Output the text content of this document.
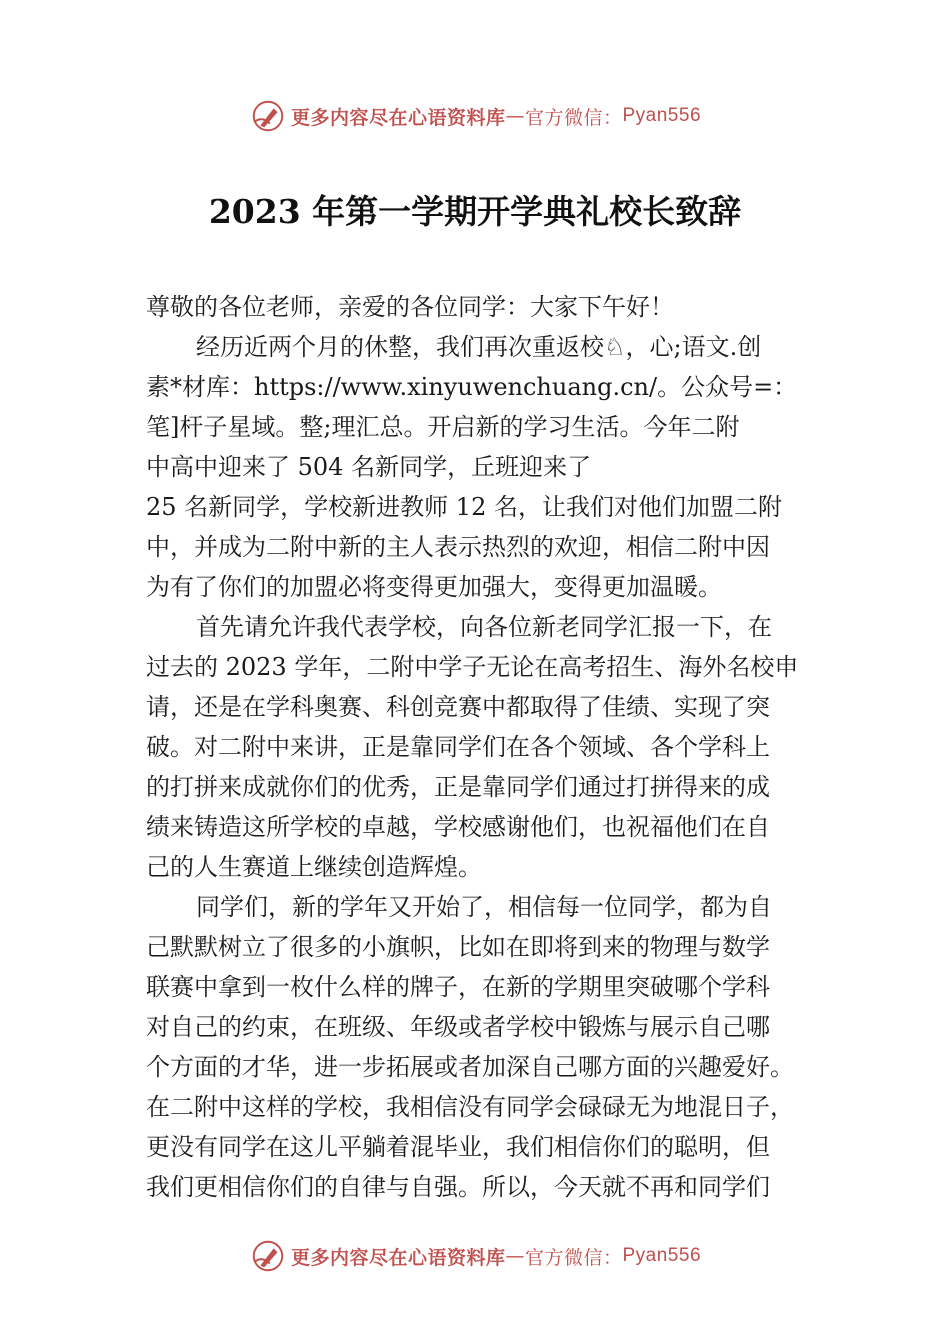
更多内容尽在心语资料库 — 官方微信： Pyan556
2023 年第一学期开学典礼校长致辞
尊敬的各位老师，亲爱的各位同学：大家下午好！
经历近两个月的休整，我们再次重返校♘，心;语文.创
素*材库：https://www.xinyuwenchuang.cn/。公众号=：
笔]杆子星域。整;理汇总。开启新的学习生活。今年二附
中高中迎来了 504 名新同学，丘班迎来了
25 名新同学，学校新进教师 12 名，让我们对他们加盟二附
中，并成为二附中新的主人表示热烈的欢迎，相信二附中因
为有了你们的加盟必将变得更加强大，变得更加温暖。
首先请允许我代表学校，向各位新老同学汇报一下，在
过去的 2023 学年，二附中学子无论在高考招生、海外名校申
请，还是在学科奥赛、科创竞赛中都取得了佳绩、实现了突
破。对二附中来讲，正是靠同学们在各个领域、各个学科上
的打拼来成就你们的优秀，正是靠同学们通过打拼得来的成
绩来铸造这所学校的卓越，学校感谢他们，也祝福他们在自
己的人生赛道上继续创造辉煌。
同学们，新的学年又开始了，相信每一位同学，都为自
己默默树立了很多的小旗帜，比如在即将到来的物理与数学
联赛中拿到一枚什么样的牌子，在新的学期里突破哪个学科
对自己的约束，在班级、年级或者学校中锻炼与展示自己哪
个方面的才华，进一步拓展或者加深自己哪方面的兴趣爱好。
在二附中这样的学校，我相信没有同学会碌碌无为地混日子，
更没有同学在这儿平躺着混毕业，我们相信你们的聪明，但
我们更相信你们的自律与自强。所以，今天就不再和同学们
更多内容尽在心语资料库 — 官方微信： Pyan556
